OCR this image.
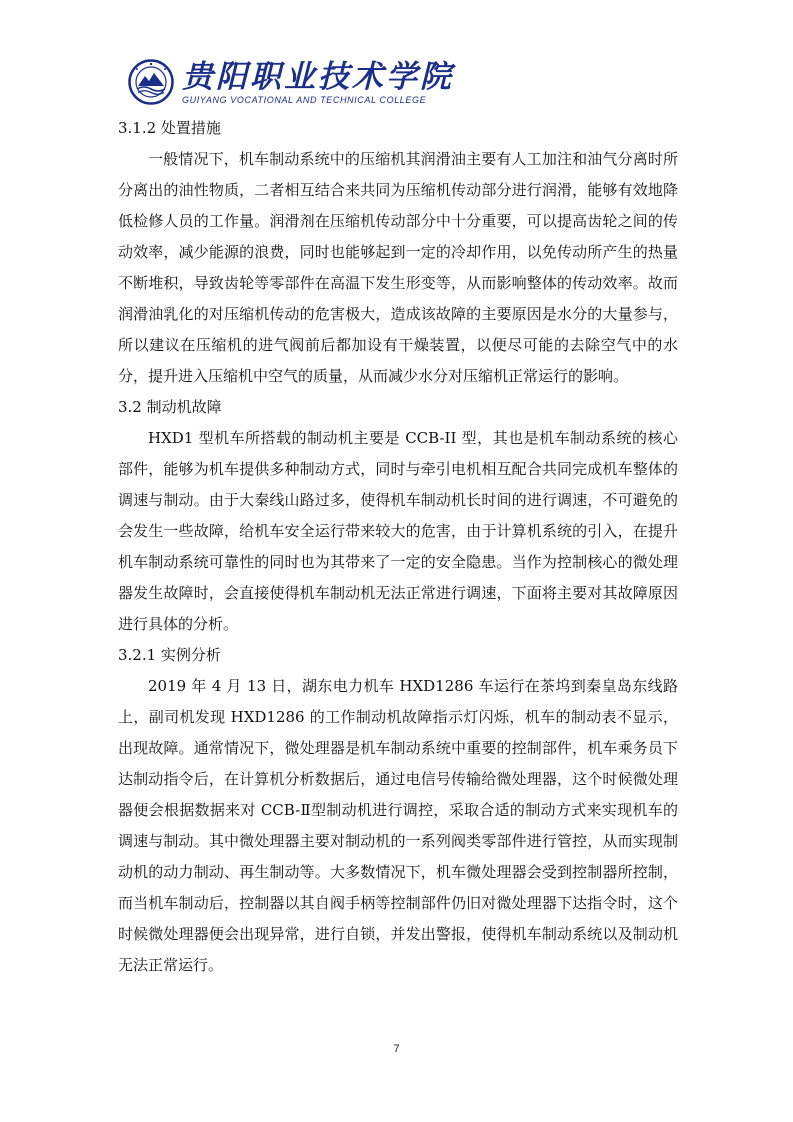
贵阳职业技术学院
GUIYANG VOCATIONAL AND TECHNICAL COLLEGE
3.1.2 处置措施

一般情况下，机车制动系统中的压缩机其润滑油主要有人工加注和油气分离时所分离出的油性物质，二者相互结合来共同为压缩机传动部分进行润滑，能够有效地降低检修人员的工作量。润滑剂在压缩机传动部分中十分重要，可以提高齿轮之间的传动效率，减少能源的浪费，同时也能够起到一定的冷却作用，以免传动所产生的热量不断堆积，导致齿轮等零部件在高温下发生形变等，从而影响整体的传动效率。故而润滑油乳化的对压缩机传动的危害极大，造成该故障的主要原因是水分的大量参与，所以建议在压缩机的进气阀前后都加设有干燥装置，以便尽可能的去除空气中的水分，提升进入压缩机中空气的质量，从而减少水分对压缩机正常运行的影响。

3.2 制动机故障

HXD1 型机车所搭载的制动机主要是 CCB-II 型，其也是机车制动系统的核心部件，能够为机车提供多种制动方式，同时与牵引电机相互配合共同完成机车整体的调速与制动。由于大秦线山路过多，使得机车制动机长时间的进行调速，不可避免的会发生一些故障，给机车安全运行带来较大的危害，由于计算机系统的引入，在提升机车制动系统可靠性的同时也为其带来了一定的安全隐患。当作为控制核心的微处理器发生故障时，会直接使得机车制动机无法正常进行调速，下面将主要对其故障原因进行具体的分析。

3.2.1 实例分析

2019 年 4 月 13 日，湖东电力机车 HXD1286 车运行在茶坞到秦皇岛东线路上，副司机发现 HXD1286 的工作制动机故障指示灯闪烁，机车的制动表不显示，出现故障。通常情况下，微处理器是机车制动系统中重要的控制部件，机车乘务员下达制动指令后，在计算机分析数据后，通过电信号传输给微处理器，这个时候微处理器便会根据数据来对 CCB-Ⅱ型制动机进行调控，采取合适的制动方式来实现机车的调速与制动。其中微处理器主要对制动机的一系列阀类零部件进行管控，从而实现制动机的动力制动、再生制动等。大多数情况下，机车微处理器会受到控制器所控制，而当机车制动后，控制器以其自阀手柄等控制部件仍旧对微处理器下达指令时，这个时候微处理器便会出现异常，进行自锁，并发出警报，使得机车制动系统以及制动机无法正常运行。

7
